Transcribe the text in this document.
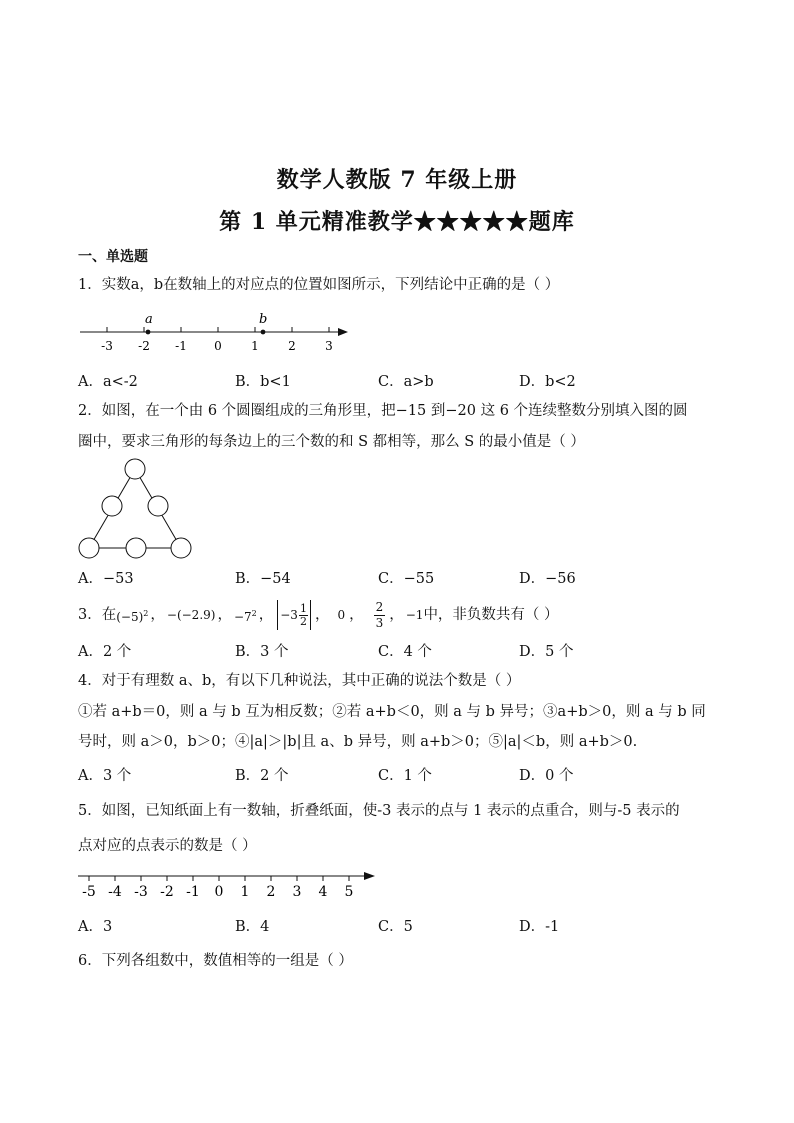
数学人教版 7 年级上册
第 1 单元精准教学★★★★★题库
一、单选题
1．实数a，b在数轴上的对应点的位置如图所示，下列结论中正确的是（ ）
-3 -2 -1 0 1 2 3
a	b
A．a<-2	B．b<1	C．a>b	D．b<2
2．如图，在一个由 6 个圆圈组成的三角形里，把−15 到−20 这 6 个连续整数分别填入图的圆
圈中，要求三角形的每条边上的三个数的和 S 都相等，那么 S 的最小值是（ ）
A．−53	B．−54	C．−55	D．−56
3．在 $(-5)^2$ ， −(−2.9) ， $-7^2$ ， −3 1
2 ， 0 ，
2
3 ， −1 中，非负数共有（ ）
A．2 个	B．3 个	C．4 个	D．5 个
4．对于有理数 a、b，有以下几种说法，其中正确的说法个数是（ ）
①若 a+b＝0，则 a 与 b 互为相反数；②若 a+b＜0，则 a 与 b 异号；③a+b＞0，则 a 与 b 同
号时，则 a＞0，b＞0；④|a|＞|b|且 a、b 异号，则 a+b＞0；⑤|a|＜b，则 a+b＞0.
A．3 个	B．2 个	C．1 个	D．0 个
5．如图，已知纸面上有一数轴，折叠纸面，使-3 表示的点与 1 表示的点重合，则与-5 表示的
点对应的点表示的数是（ ）
-5 -4 -3 -2 -1 0 1 2 3 4 5
A．3	B．4	C．5	D．-1
6．下列各组数中，数值相等的一组是（ ）
